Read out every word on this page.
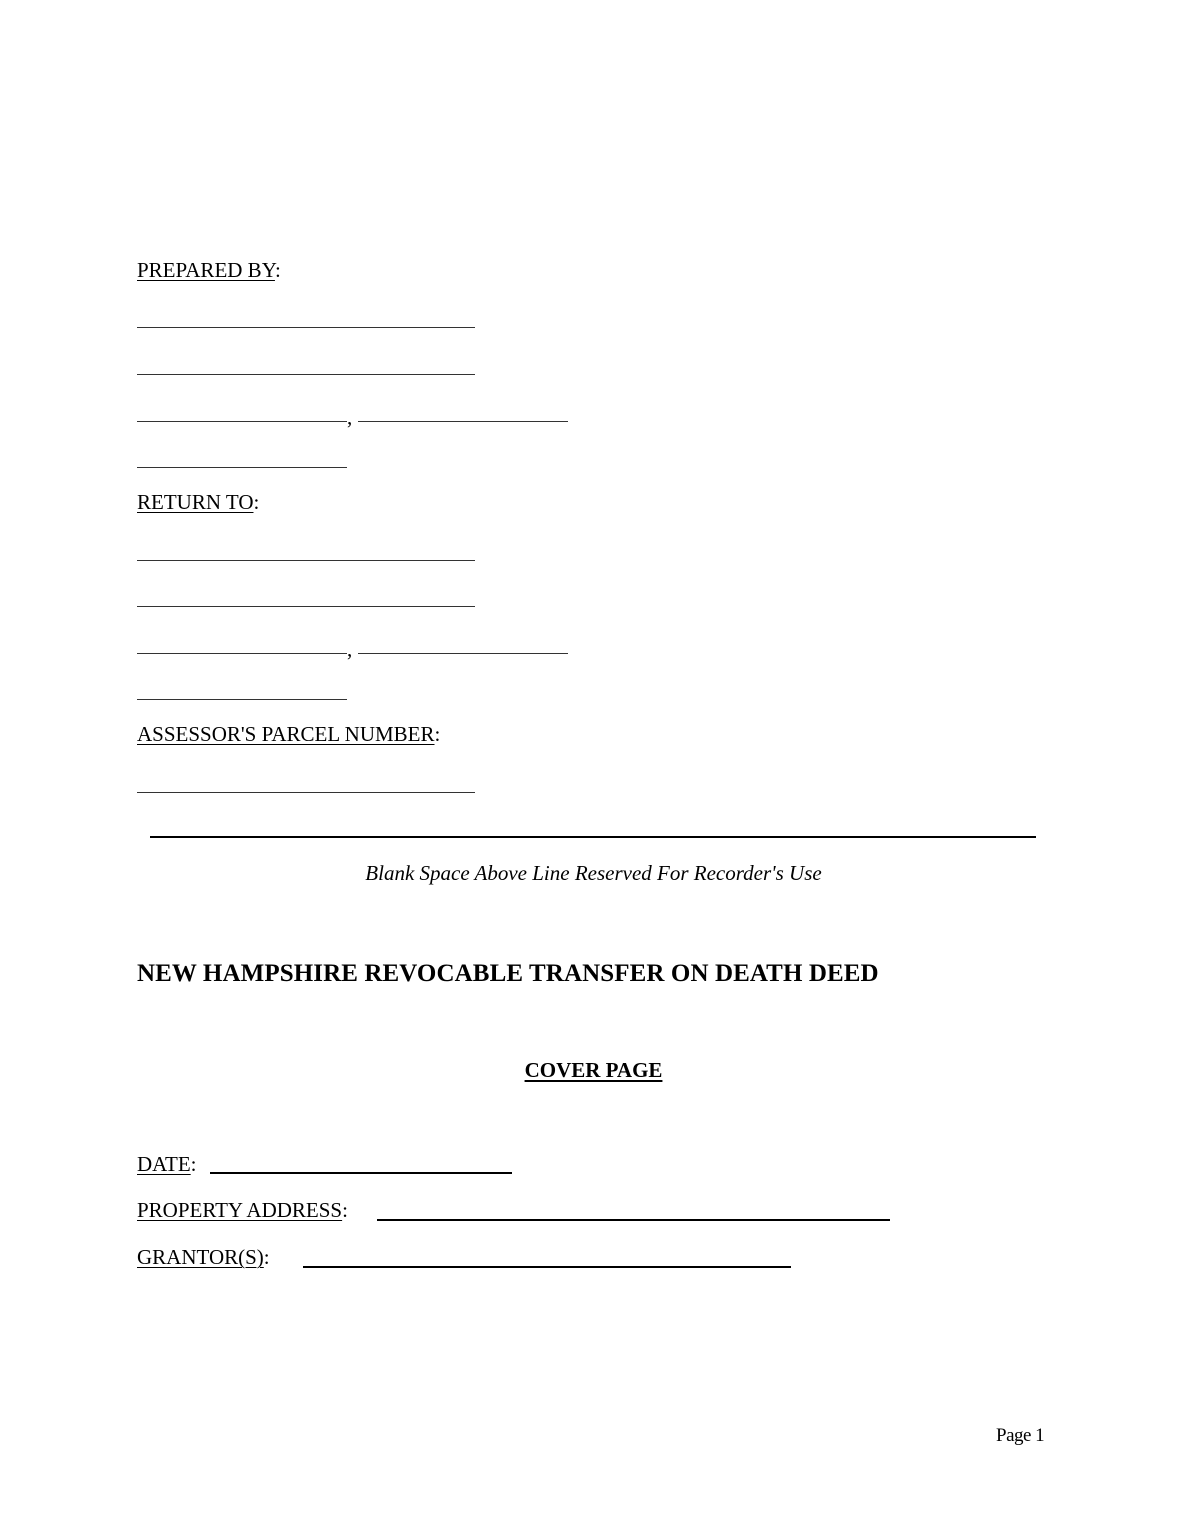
PREPARED BY:
,
RETURN TO:
,
ASSESSOR'S PARCEL NUMBER:
Blank Space Above Line Reserved For Recorder's Use
NEW HAMPSHIRE REVOCABLE TRANSFER ON DEATH DEED
COVER PAGE
DATE:
PROPERTY ADDRESS:
GRANTOR(S):
Page 1
